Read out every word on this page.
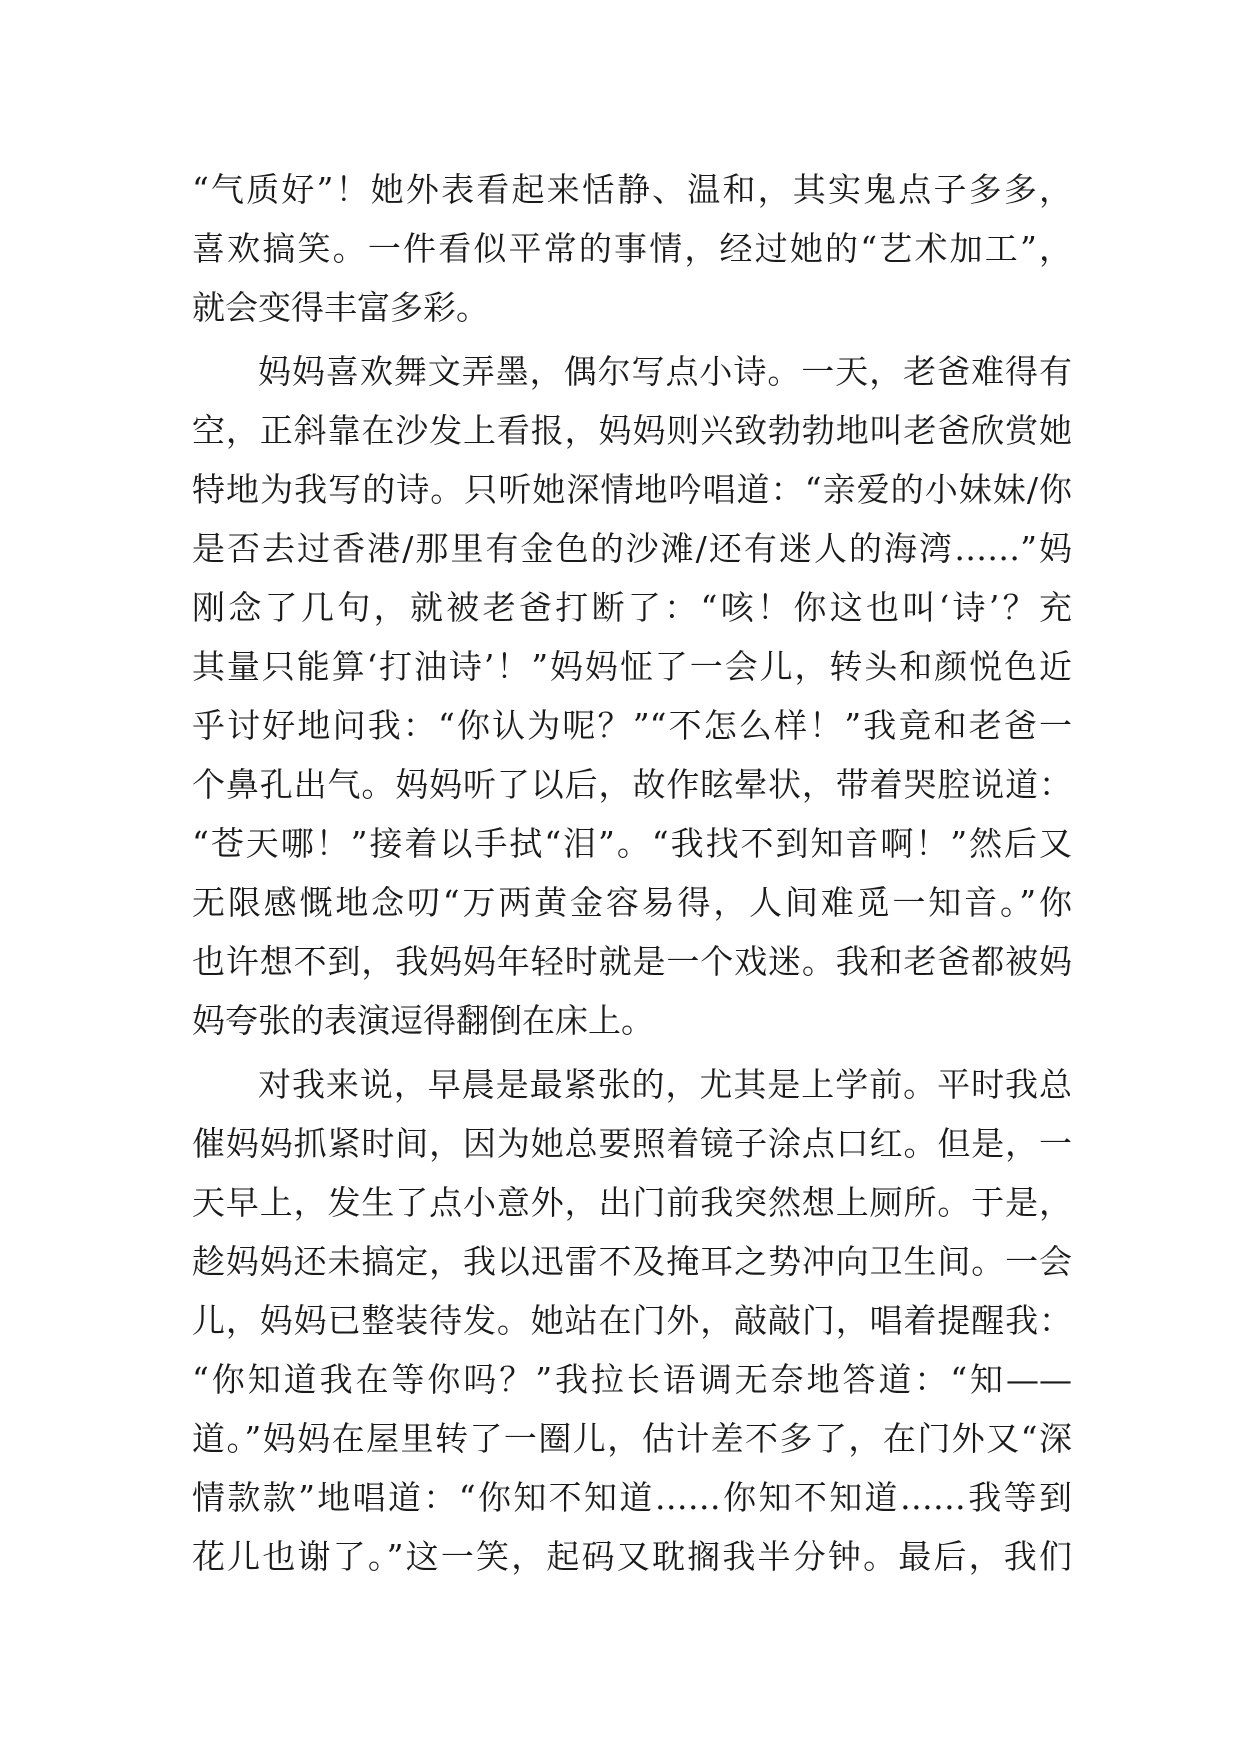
“气质好”！她外表看起来恬静、温和，其实鬼点子多多，
喜欢搞笑。一件看似平常的事情，经过她的“艺术加工”，
就会变得丰富多彩。
妈妈喜欢舞文弄墨，偶尔写点小诗。一天，老爸难得有
空，正斜靠在沙发上看报，妈妈则兴致勃勃地叫老爸欣赏她
特地为我写的诗。只听她深情地吟唱道：“亲爱的小妹妹/你
是否去过香港/那里有金色的沙滩/还有迷人的海湾……”妈
刚念了几句，就被老爸打断了：“咳！你这也叫‘诗’？充
其量只能算‘打油诗’！”妈妈怔了一会儿，转头和颜悦色近
乎讨好地问我：“你认为呢？”“不怎么样！”我竟和老爸一
个鼻孔出气。妈妈听了以后，故作眩晕状，带着哭腔说道：
“苍天哪！”接着以手拭“泪”。“我找不到知音啊！”然后又
无限感慨地念叨“万两黄金容易得，人间难觅一知音。”你
也许想不到，我妈妈年轻时就是一个戏迷。我和老爸都被妈
妈夸张的表演逗得翻倒在床上。
对我来说，早晨是最紧张的，尤其是上学前。平时我总
催妈妈抓紧时间，因为她总要照着镜子涂点口红。但是，一
天早上，发生了点小意外，出门前我突然想上厕所。于是，
趁妈妈还未搞定，我以迅雷不及掩耳之势冲向卫生间。一会
儿，妈妈已整装待发。她站在门外，敲敲门，唱着提醒我：
“你知道我在等你吗？”我拉长语调无奈地答道：“知——
道。”妈妈在屋里转了一圈儿，估计差不多了，在门外又“深
情款款”地唱道：“你知不知道……你知不知道……我等到
花儿也谢了。”这一笑，起码又耽搁我半分钟。最后，我们
